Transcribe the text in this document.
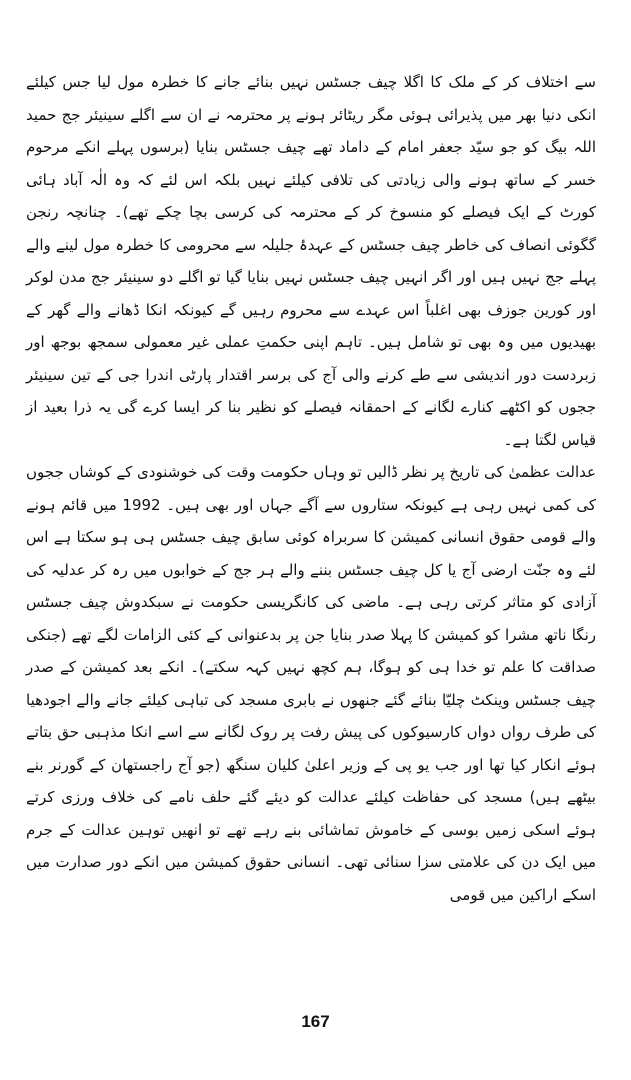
سے اختلاف کر کے ملک کا اگلا چیف جسٹس نہیں بنائے جانے کا خطرہ مول لیا جس کیلئے انکی دنیا بھر میں پذیرائی ہوئی مگر ریٹائر ہونے پر محترمہ نے ان سے اگلے سینیئر جج حمید اللہ بیگ کو جو سیّد جعفر امام کے داماد تھے چیف جسٹس بنایا (برسوں پہلے انکے مرحوم خسر کے ساتھ ہونے والی زیادتی کی تلافی کیلئے نہیں بلکہ اس لئے کہ وہ الٰہ آباد ہائی کورٹ کے ایک فیصلے کو منسوخ کر کے محترمہ کی کرسی بچا چکے تھے)۔ چنانچہ رنجن گگوئی انصاف کی خاطر چیف جسٹس کے عہدۂ جلیلہ سے محرومی کا خطرہ مول لینے والے پہلے جج نہیں ہیں اور اگر انہیں چیف جسٹس نہیں بنایا گیا تو اگلے دو سینیئر جج مدن لوکر اور کورین جوزف بھی اغلباً اس عہدے سے محروم رہیں گے کیونکہ انکا ڈھانے والے گھر کے بھیدیوں میں وہ بھی تو شامل ہیں۔ تاہم اپنی حکمتِ عملی غیر معمولی سمجھ بوجھ اور زبردست دور اندیشی سے طے کرنے والی آج کی برسر اقتدار پارٹی اندرا جی کے تین سینیئر ججوں کو اکٹھے کنارے لگانے کے احمقانہ فیصلے کو نظیر بنا کر ایسا کرے گی یہ ذرا بعید از قیاس لگتا ہے۔

عدالت عظمیٰ کی تاریخ پر نظر ڈالیں تو وہاں حکومت وقت کی خوشنودی کے کوشاں ججوں کی کمی نہیں رہی ہے کیونکہ ستاروں سے آگے جہاں اور بھی ہیں۔ 1992 میں قائم ہونے والے قومی حقوق انسانی کمیشن کا سربراہ کوئی سابق چیف جسٹس ہی ہو سکتا ہے اس لئے وہ جنّت ارضی آج یا کل چیف جسٹس بننے والے ہر جج کے خوابوں میں رہ کر عدلیہ کی آزادی کو متاثر کرتی رہی ہے۔ ماضی کی کانگریسی حکومت نے سبکدوش چیف جسٹس رنگا ناتھ مشرا کو کمیشن کا پہلا صدر بنایا جن پر بدعنوانی کے کئی الزامات لگے تھے (جنکی صداقت کا علم تو خدا ہی کو ہوگا، ہم کچھ نہیں کہہ سکتے)۔ انکے بعد کمیشن کے صدر چیف جسٹس وینکٹ چلیّا بنائے گئے جنھوں نے بابری مسجد کی تباہی کیلئے جانے والے اجودھیا کی طرف رواں دواں کارسیوکوں کی پیش رفت پر روک لگانے سے اسے انکا مذہبی حق بتاتے ہوئے انکار کیا تھا اور جب یو پی کے وزیر اعلیٰ کلیان سنگھ (جو آج راجستھان کے گورنر بنے بیٹھے ہیں) مسجد کی حفاظت کیلئے عدالت کو دیئے گئے حلف نامے کی خلاف ورزی کرتے ہوئے اسکی زمیں بوسی کے خاموش تماشائی بنے رہے تھے تو انھیں توہین عدالت کے جرم میں ایک دن کی علامتی سزا سنائی تھی۔ انسانی حقوق کمیشن میں انکے دور صدارت میں اسکے اراکین میں قومی

167
